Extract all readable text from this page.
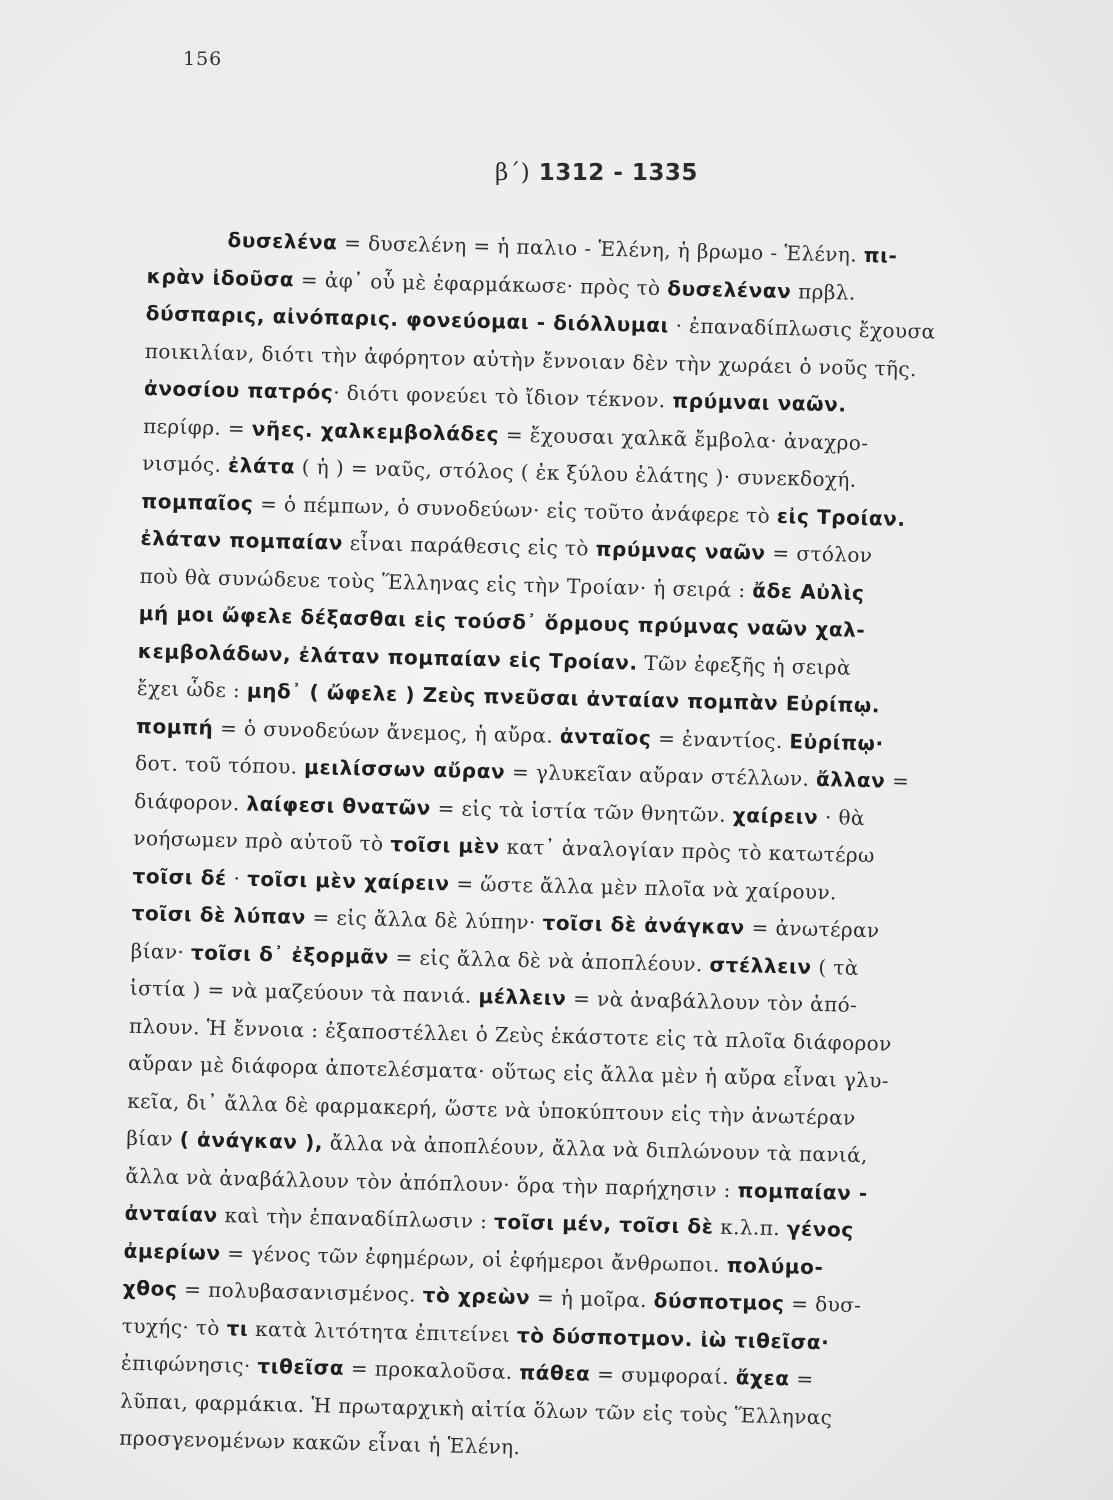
156
β΄) 1312 - 1335
δυσελένα = δυσελένη = ἡ παλιο - Ἑλένη, ἡ βρωμο - Ἑλένη. πι-
κρὰν ἰδοῦσα = ἀφ᾽ οὗ μὲ ἐφαρμάκωσε· πρὸς τὸ δυσελέναν πρβλ.
δύσπαρις, αἰνόπαρις. φονεύομαι - διόλλυμαι · ἐπαναδίπλωσις ἔχουσα
ποικιλίαν, διότι τὴν ἀφόρητον αὐτὴν ἔννοιαν δὲν τὴν χωράει ὁ νοῦς τῆς.
ἀνοσίου πατρός· διότι φονεύει τὸ ἴδιον τέκνον. πρύμναι ναῶν.
περίφρ. = νῆες. χαλκεμβολάδες = ἔχουσαι χαλκᾶ ἔμβολα· ἀναχρο-
νισμός. ἐλάτα ( ἡ ) = ναῦς, στόλος ( ἐκ ξύλου ἐλάτης )· συνεκδοχή.
πομπαῖος = ὁ πέμπων, ὁ συνοδεύων· εἰς τοῦτο ἀνάφερε τὸ εἰς Τροίαν.
ἐλάταν πομπαίαν εἶναι παράθεσις εἰς τὸ πρύμνας ναῶν = στόλον
ποὺ θὰ συνώδευε τοὺς Ἕλληνας εἰς τὴν Τροίαν· ἡ σειρά : ἄδε Αὐλὶς
μή μοι ὤφελε δέξασθαι εἰς τούσδ᾽ ὅρμους πρύμνας ναῶν χαλ-
κεμβολάδων, ἐλάταν πομπαίαν εἰς Τροίαν. Τῶν ἐφεξῆς ἡ σειρὰ
ἔχει ὧδε : μηδ᾽ ( ὤφελε ) Ζεὺς πνεῦσαι ἀνταίαν πομπὰν Εὐρίπῳ.
πομπή = ὁ συνοδεύων ἄνεμος, ἡ αὔρα. ἀνταῖος = ἐναντίος. Εὐρίπῳ·
δοτ. τοῦ τόπου. μειλίσσων αὔραν = γλυκεῖαν αὔραν στέλλων. ἄλλαν =
διάφορον. λαίφεσι θνατῶν = εἰς τὰ ἱστία τῶν θνητῶν. χαίρειν · θὰ
νοήσωμεν πρὸ αὐτοῦ τὸ τοῖσι μὲν κατ᾽ ἀναλογίαν πρὸς τὸ κατωτέρω
τοῖσι δέ · τοῖσι μὲν χαίρειν = ὥστε ἄλλα μὲν πλοῖα νὰ χαίρουν.
τοῖσι δὲ λύπαν = εἰς ἄλλα δὲ λύπην· τοῖσι δὲ ἀνάγκαν = ἀνωτέραν
βίαν· τοῖσι δ᾽ ἐξορμᾶν = εἰς ἄλλα δὲ νὰ ἀποπλέουν. στέλλειν ( τὰ
ἱστία ) = νὰ μαζεύουν τὰ πανιά. μέλλειν = νὰ ἀναβάλλουν τὸν ἀπό-
πλουν. Ἡ ἔννοια : ἐξαποστέλλει ὁ Ζεὺς ἑκάστοτε εἰς τὰ πλοῖα διάφορον
αὔραν μὲ διάφορα ἀποτελέσματα· οὕτως εἰς ἄλλα μὲν ἡ αὔρα εἶναι γλυ-
κεῖα, δι᾽ ἄλλα δὲ φαρμακερή, ὥστε νὰ ὑποκύπτουν εἰς τὴν ἀνωτέραν
βίαν ( ἀνάγκαν ), ἄλλα νὰ ἀποπλέουν, ἄλλα νὰ διπλώνουν τὰ πανιά,
ἄλλα νὰ ἀναβάλλουν τὸν ἀπόπλουν· ὅρα τὴν παρήχησιν : πομπαίαν -
ἀνταίαν καὶ τὴν ἐπαναδίπλωσιν : τοῖσι μέν, τοῖσι δὲ κ.λ.π. γένος
ἀμερίων = γένος τῶν ἐφημέρων, οἱ ἐφήμεροι ἄνθρωποι. πολύμο-
χθος = πολυβασανισμένος. τὸ χρεὼν = ἡ μοῖρα. δύσποτμος = δυσ-
τυχής· τὸ τι κατὰ λιτότητα ἐπιτείνει τὸ δύσποτμον. ἰὼ τιθεῖσα·
ἐπιφώνησις· τιθεῖσα = προκαλοῦσα. πάθεα = συμφοραί. ἄχεα =
λῦπαι, φαρμάκια. Ἡ πρωταρχικὴ αἰτία ὅλων τῶν εἰς τοὺς Ἕλληνας
προσγενομένων κακῶν εἶναι ἡ Ἑλένη.
